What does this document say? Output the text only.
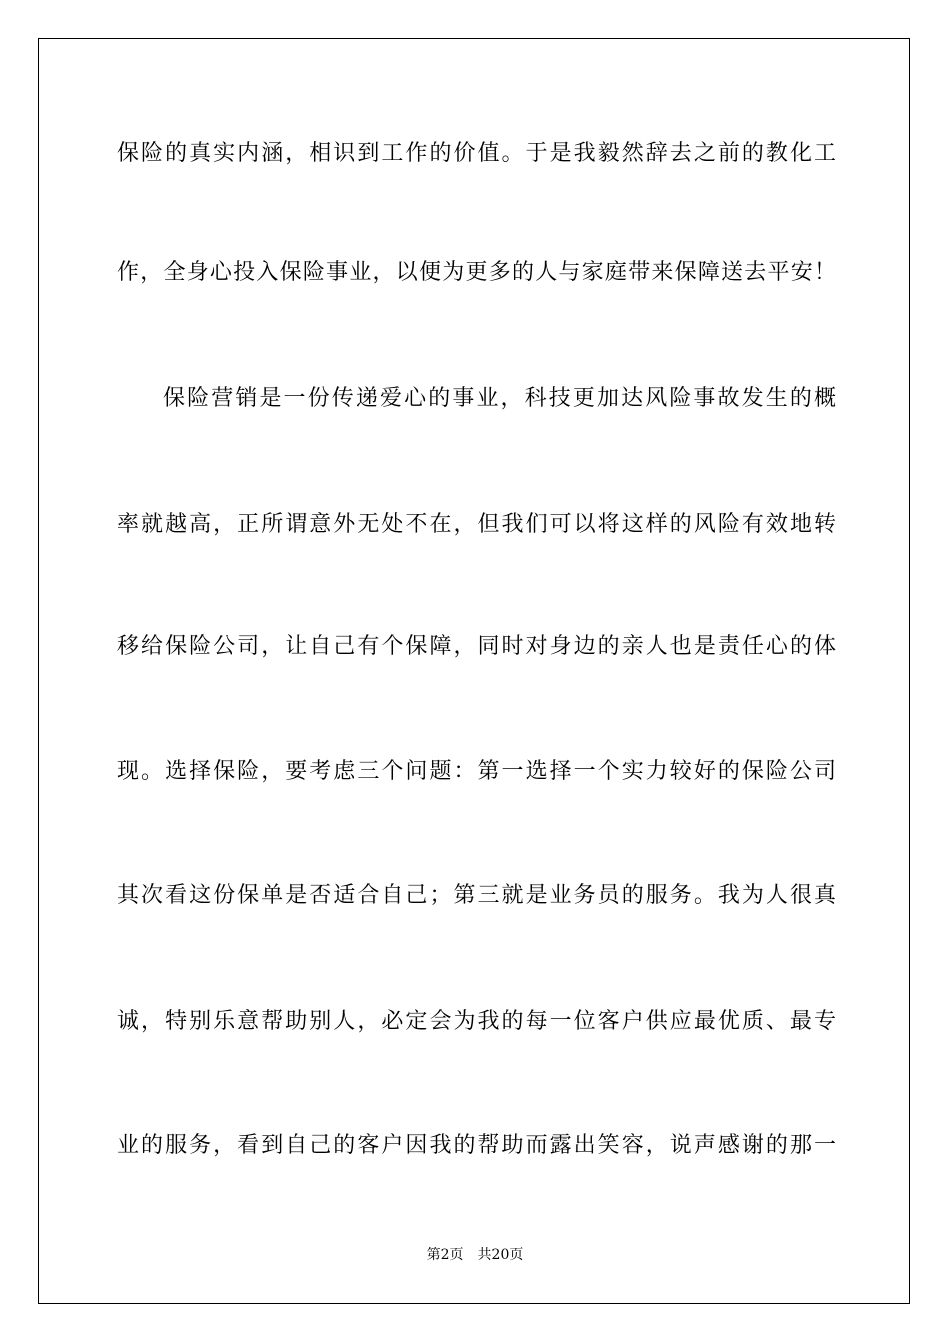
保险的真实内涵，相识到工作的价值。于是我毅然辞去之前的教化工
作，全身心投入保险事业，以便为更多的人与家庭带来保障送去平安！
保险营销是一份传递爱心的事业，科技更加达风险事故发生的概
率就越高，正所谓意外无处不在，但我们可以将这样的风险有效地转
移给保险公司，让自己有个保障，同时对身边的亲人也是责任心的体
现。选择保险，要考虑三个问题：第一选择一个实力较好的保险公司
其次看这份保单是否适合自己；第三就是业务员的服务。我为人很真
诚，特别乐意帮助别人，必定会为我的每一位客户供应最优质、最专
业的服务，看到自己的客户因我的帮助而露出笑容，说声感谢的那一
第2页 共20页
